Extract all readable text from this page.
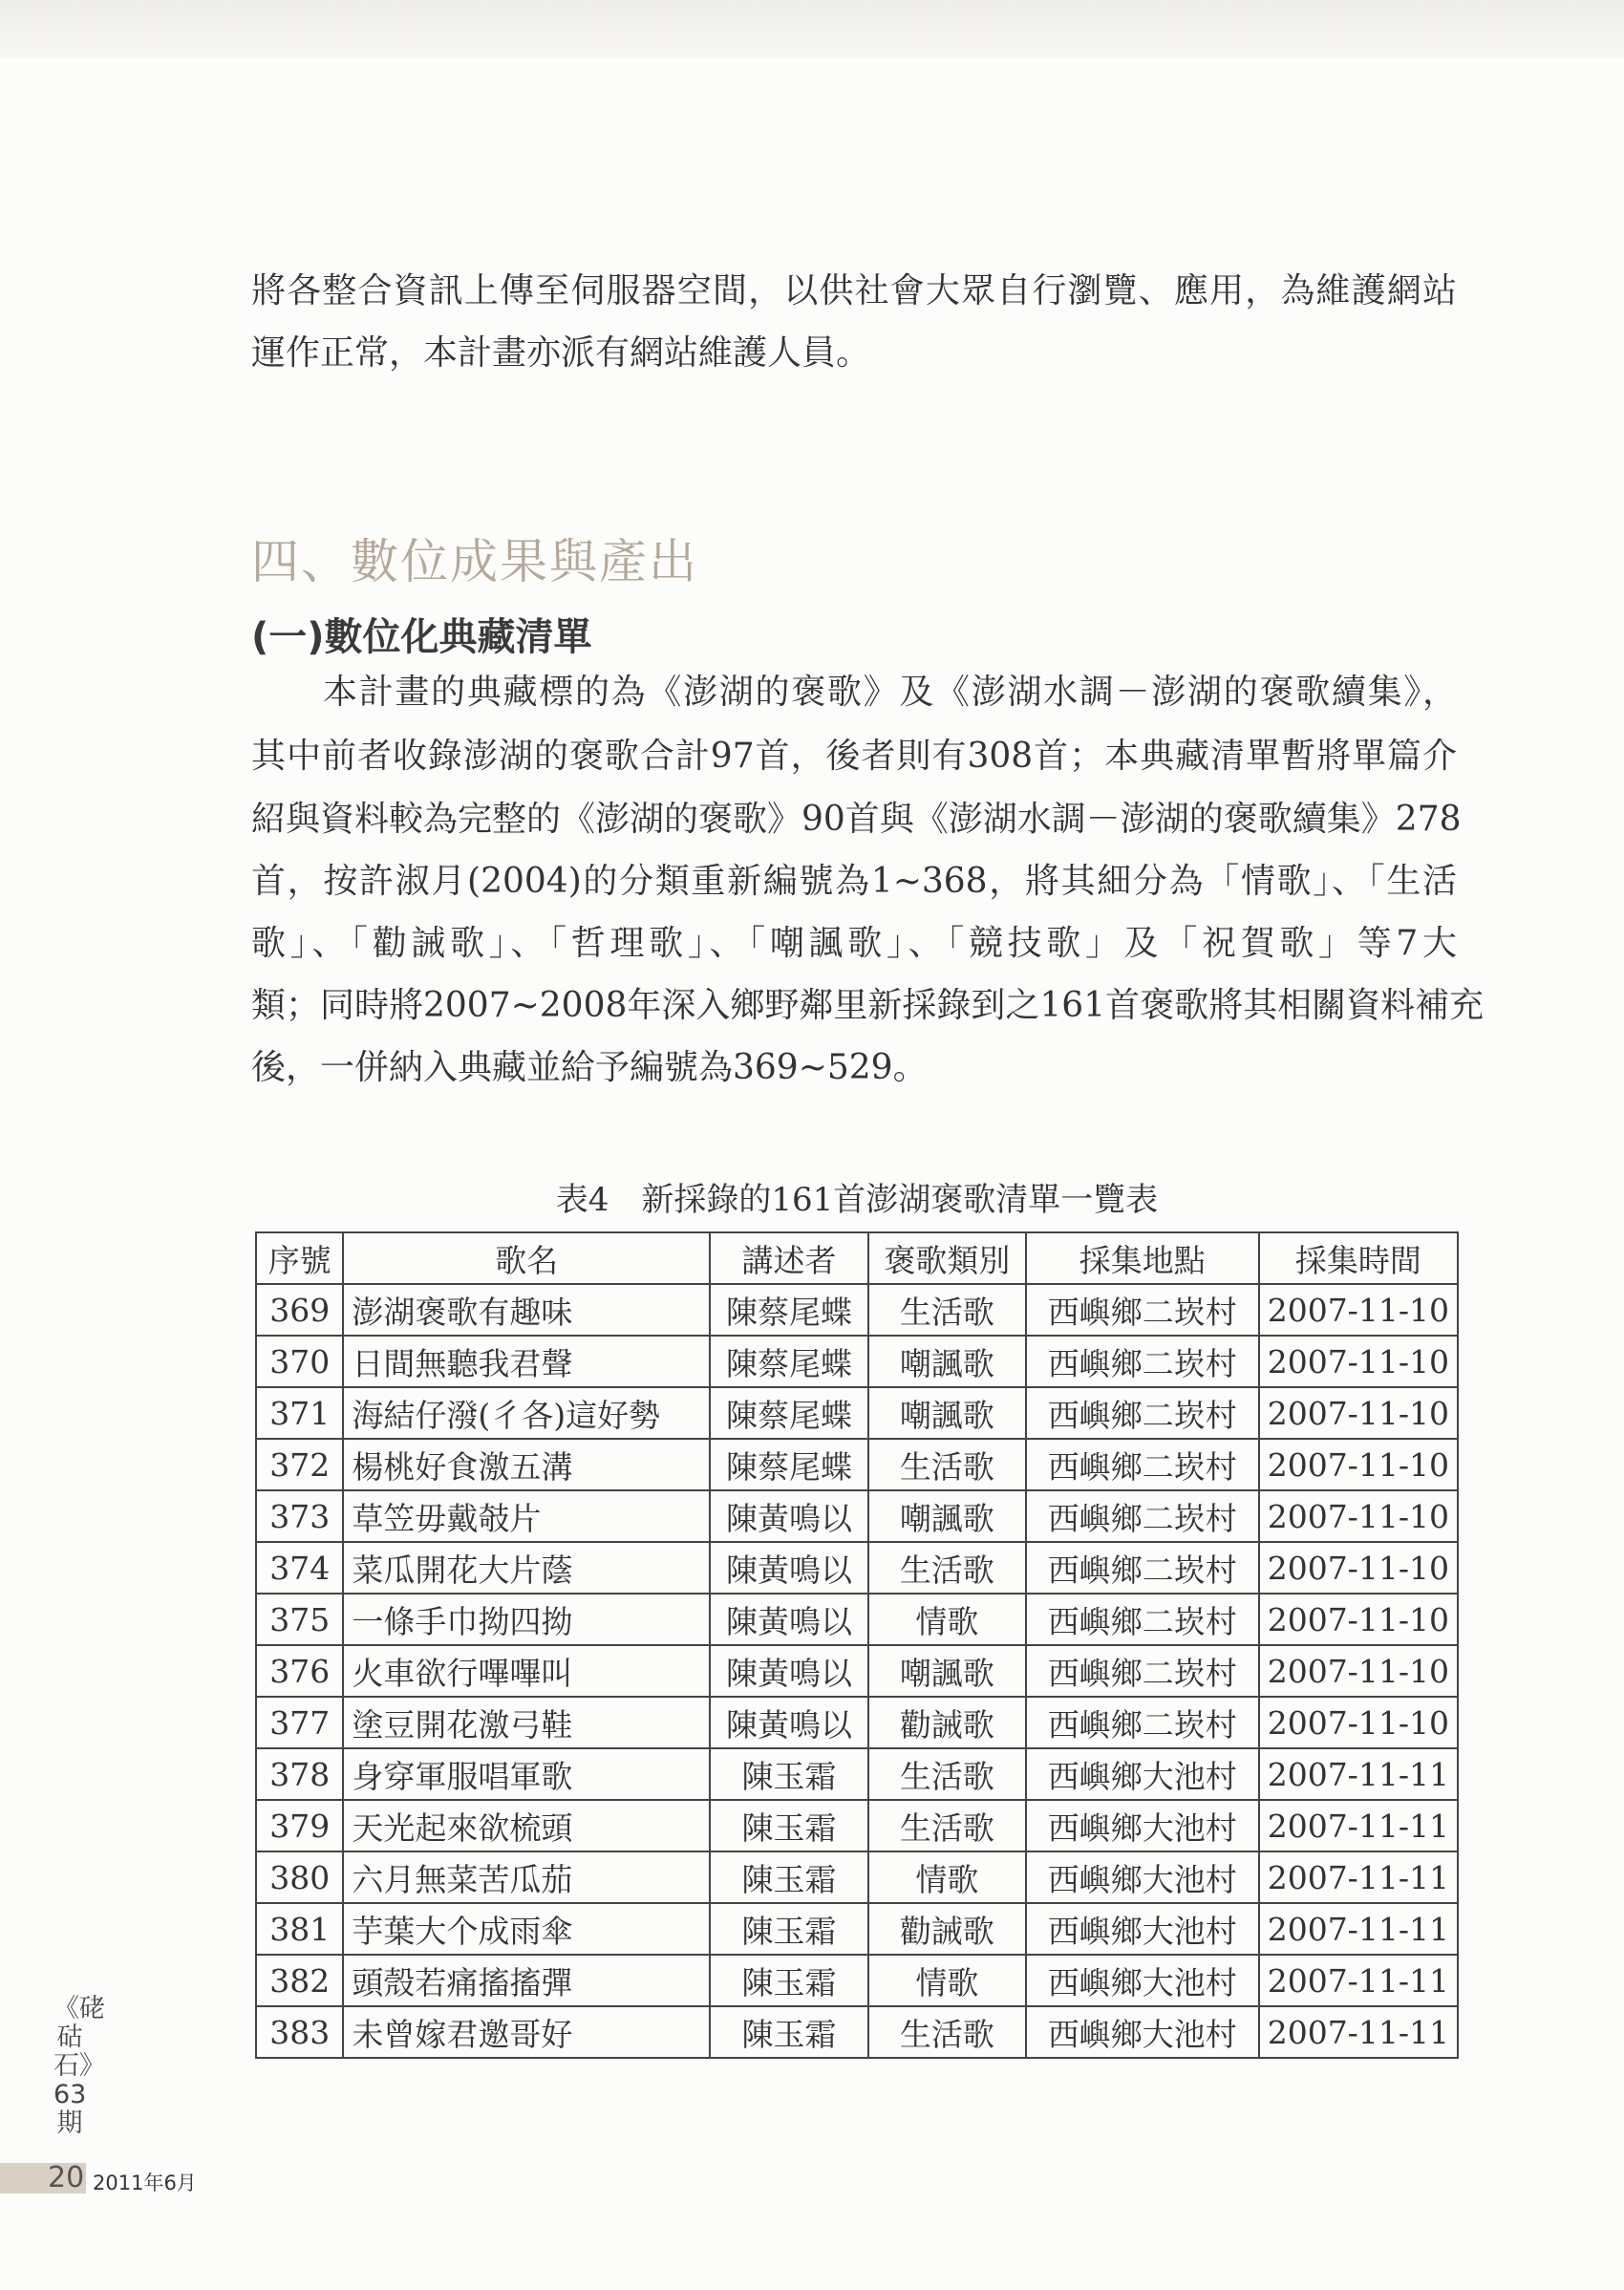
將各整合資訊上傳至伺服器空間，以供社會大眾自行瀏覽、應用，為維護網站
運作正常，本計畫亦派有網站維護人員。
四、數位成果與產出
(一)數位化典藏清單
本計畫的典藏標的為《澎湖的褒歌》及《澎湖水調－澎湖的褒歌續集》，
其中前者收錄澎湖的褒歌合計97首，後者則有308首；本典藏清單暫將單篇介
紹與資料較為完整的《澎湖的褒歌》90首與《澎湖水調－澎湖的褒歌續集》278
首，按許淑月(2004)的分類重新編號為1~368，將其細分為「情歌」、「生活
歌」、「勸誡歌」、「哲理歌」、「嘲諷歌」、「競技歌」及「祝賀歌」等7大
類；同時將2007~2008年深入鄉野鄰里新採錄到之161首褒歌將其相關資料補充
後，一併納入典藏並給予編號為369~529。
表4　新採錄的161首澎湖褒歌清單一覽表
序號	歌名	講述者	褒歌類別	採集地點	採集時間
369	澎湖褒歌有趣味	陳蔡尾蝶	生活歌	西嶼鄉二崁村	2007-11-10
370	日間無聽我君聲	陳蔡尾蝶	嘲諷歌	西嶼鄉二崁村	2007-11-10
371	海結仔潑(彳各)這好勢	陳蔡尾蝶	嘲諷歌	西嶼鄉二崁村	2007-11-10
372	楊桃好食激五溝	陳蔡尾蝶	生活歌	西嶼鄉二崁村	2007-11-10
373	草笠毋戴攲片	陳黃鳴以	嘲諷歌	西嶼鄉二崁村	2007-11-10
374	菜瓜開花大片蔭	陳黃鳴以	生活歌	西嶼鄉二崁村	2007-11-10
375	一條手巾拗四拗	陳黃鳴以	情歌	西嶼鄉二崁村	2007-11-10
376	火車欲行嗶嗶叫	陳黃鳴以	嘲諷歌	西嶼鄉二崁村	2007-11-10
377	塗豆開花激弓鞋	陳黃鳴以	勸誡歌	西嶼鄉二崁村	2007-11-10
378	身穿軍服唱軍歌	陳玉霜	生活歌	西嶼鄉大池村	2007-11-11
379	天光起來欲梳頭	陳玉霜	生活歌	西嶼鄉大池村	2007-11-11
380	六月無菜苦瓜茄	陳玉霜	情歌	西嶼鄉大池村	2007-11-11
381	芋葉大个成雨傘	陳玉霜	勸誡歌	西嶼鄉大池村	2007-11-11
382	頭殼若痛搐搐彈	陳玉霜	情歌	西嶼鄉大池村	2007-11-11
383	未曾嫁君邀哥好	陳玉霜	生活歌	西嶼鄉大池村	2007-11-11
《硓𥑮石》63期
20 2011年6月
